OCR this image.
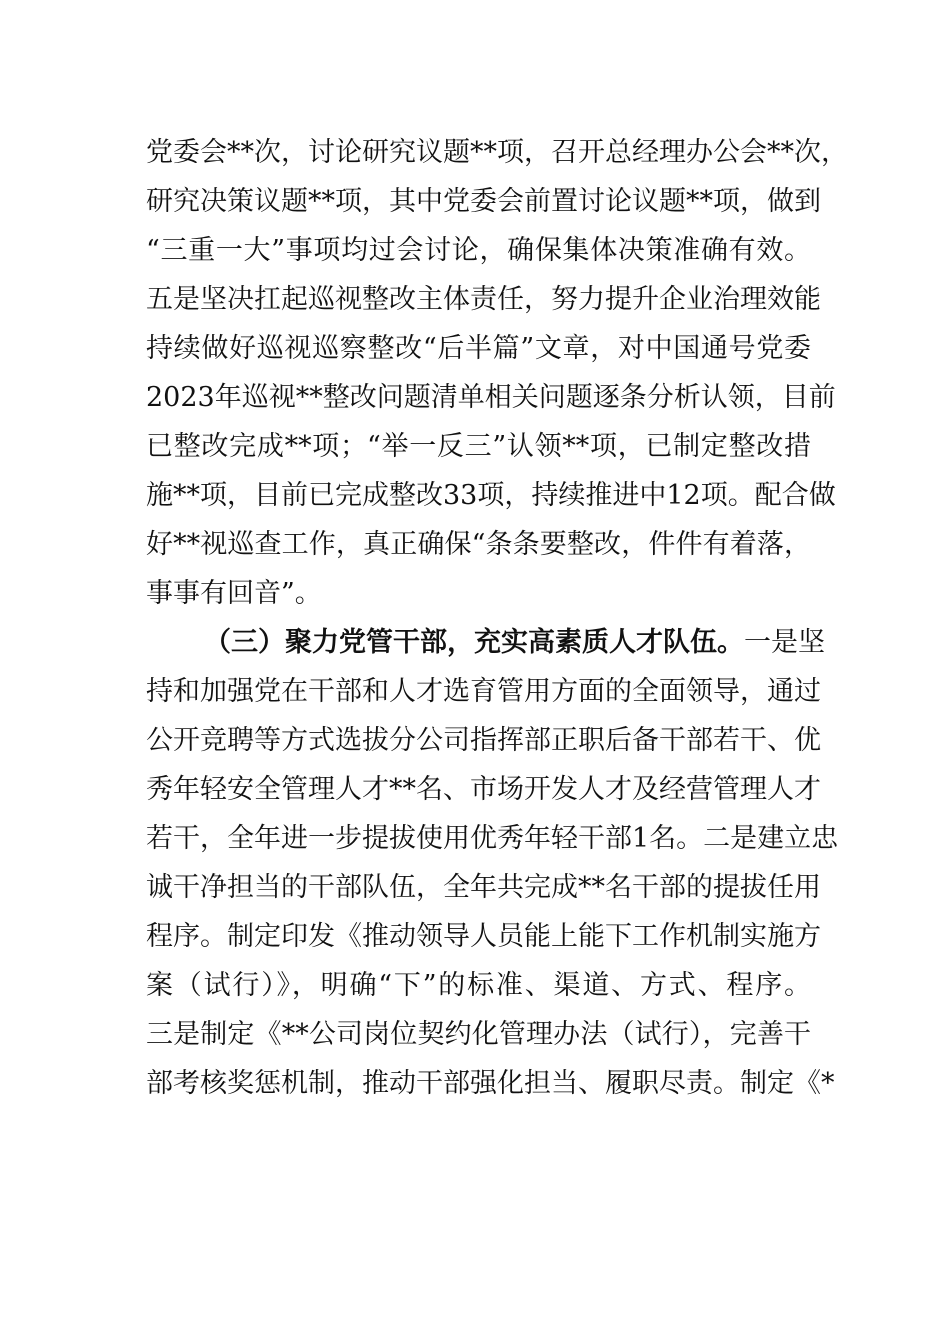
党委会**次，讨论研究议题**项，召开总经理办公会**次，
研究决策议题**项，其中党委会前置讨论议题**项，做到
“三重一大”事项均过会讨论，确保集体决策准确有效。
五是坚决扛起巡视整改主体责任，努力提升企业治理效能
持续做好巡视巡察整改“后半篇”文章，对中国通号党委
2023年巡视**整改问题清单相关问题逐条分析认领，目前
已整改完成**项；“举一反三”认领**项，已制定整改措
施**项，目前已完成整改33项，持续推进中12项。配合做
好**视巡查工作，真正确保“条条要整改，件件有着落，
事事有回音”。
（三）聚力党管干部，充实高素质人才队伍。一是坚
持和加强党在干部和人才选育管用方面的全面领导，通过
公开竞聘等方式选拔分公司指挥部正职后备干部若干、优
秀年轻安全管理人才**名、市场开发人才及经营管理人才
若干，全年进一步提拔使用优秀年轻干部1名。二是建立忠
诚干净担当的干部队伍，全年共完成**名干部的提拔任用
程序。制定印发《推动领导人员能上能下工作机制实施方
案（试行）》，明确“下”的标准、渠道、方式、程序。
三是制定《**公司岗位契约化管理办法（试行），完善干
部考核奖惩机制，推动干部强化担当、履职尽责。制定《*
